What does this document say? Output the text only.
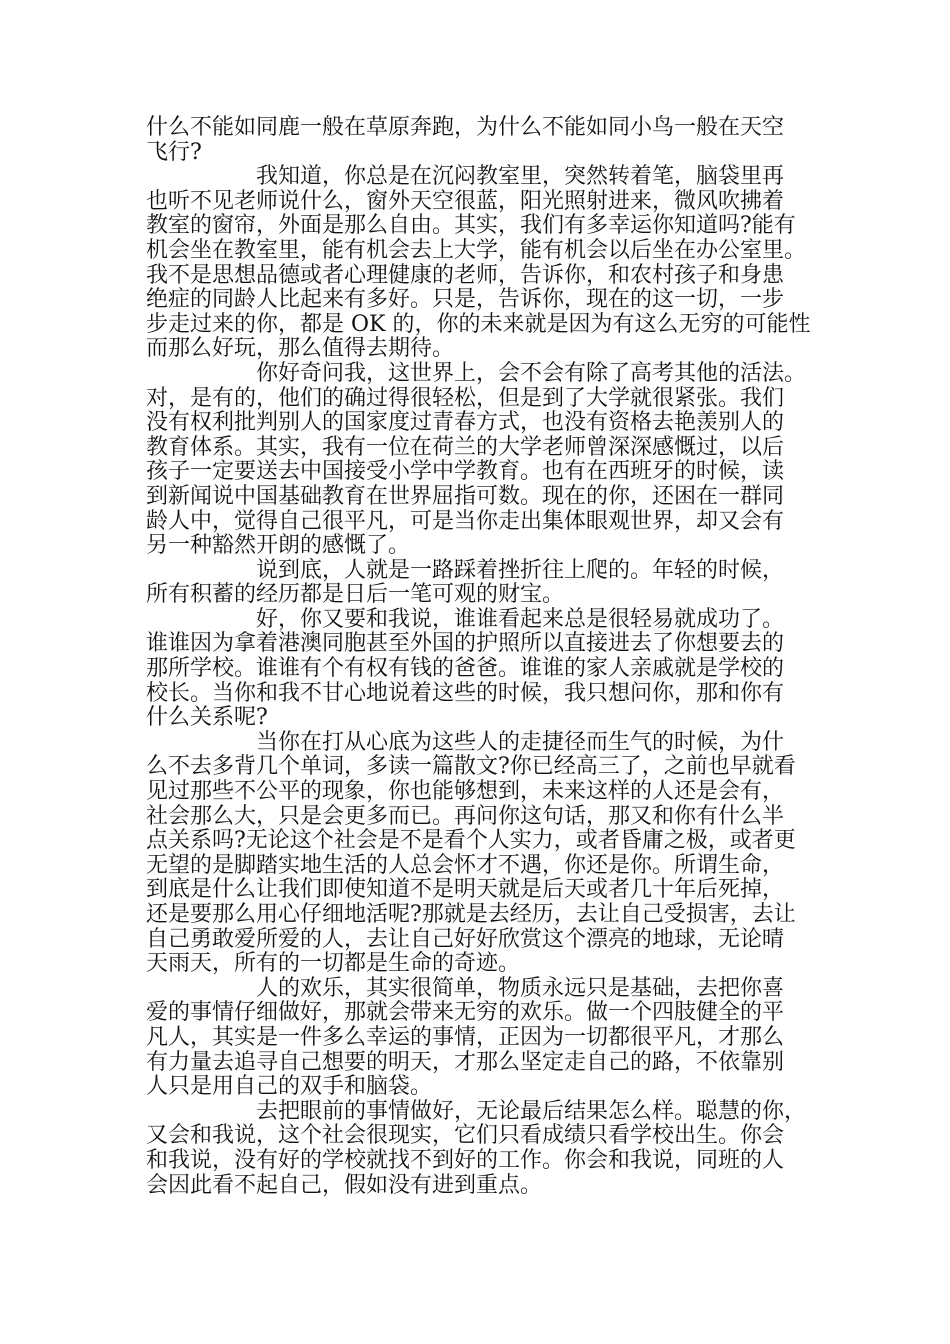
什么不能如同鹿一般在草原奔跑，为什么不能如同小鸟一般在天空
飞行?
我知道，你总是在沉闷教室里，突然转着笔，脑袋里再
也听不见老师说什么，窗外天空很蓝，阳光照射进来，微风吹拂着
教室的窗帘，外面是那么自由。其实，我们有多幸运你知道吗?能有
机会坐在教室里，能有机会去上大学，能有机会以后坐在办公室里。
我不是思想品德或者心理健康的老师，告诉你，和农村孩子和身患
绝症的同龄人比起来有多好。只是，告诉你，现在的这一切，一步
步走过来的你，都是 OK 的，你的未来就是因为有这么无穷的可能性
而那么好玩，那么值得去期待。
你好奇问我，这世界上，会不会有除了高考其他的活法。
对，是有的，他们的确过得很轻松，但是到了大学就很紧张。我们
没有权利批判别人的国家度过青春方式，也没有资格去艳羡别人的
教育体系。其实，我有一位在荷兰的大学老师曾深深感慨过，以后
孩子一定要送去中国接受小学中学教育。也有在西班牙的时候，读
到新闻说中国基础教育在世界屈指可数。现在的你，还困在一群同
龄人中，觉得自己很平凡，可是当你走出集体眼观世界，却又会有
另一种豁然开朗的感慨了。
说到底，人就是一路踩着挫折往上爬的。年轻的时候，
所有积蓄的经历都是日后一笔可观的财宝。
好，你又要和我说，谁谁看起来总是很轻易就成功了。
谁谁因为拿着港澳同胞甚至外国的护照所以直接进去了你想要去的
那所学校。谁谁有个有权有钱的爸爸。谁谁的家人亲戚就是学校的
校长。当你和我不甘心地说着这些的时候，我只想问你，那和你有
什么关系呢?
当你在打从心底为这些人的走捷径而生气的时候，为什
么不去多背几个单词，多读一篇散文?你已经高三了，之前也早就看
见过那些不公平的现象，你也能够想到，未来这样的人还是会有，
社会那么大，只是会更多而已。再问你这句话，那又和你有什么半
点关系吗?无论这个社会是不是看个人实力，或者昏庸之极，或者更
无望的是脚踏实地生活的人总会怀才不遇，你还是你。所谓生命，
到底是什么让我们即使知道不是明天就是后天或者几十年后死掉，
还是要那么用心仔细地活呢?那就是去经历，去让自己受损害，去让
自己勇敢爱所爱的人，去让自己好好欣赏这个漂亮的地球，无论晴
天雨天，所有的一切都是生命的奇迹。
人的欢乐，其实很简单，物质永远只是基础，去把你喜
爱的事情仔细做好，那就会带来无穷的欢乐。做一个四肢健全的平
凡人，其实是一件多么幸运的事情，正因为一切都很平凡，才那么
有力量去追寻自己想要的明天，才那么坚定走自己的路，不依靠别
人只是用自己的双手和脑袋。
去把眼前的事情做好，无论最后结果怎么样。聪慧的你，
又会和我说，这个社会很现实，它们只看成绩只看学校出生。你会
和我说，没有好的学校就找不到好的工作。你会和我说，同班的人
会因此看不起自己，假如没有进到重点。
